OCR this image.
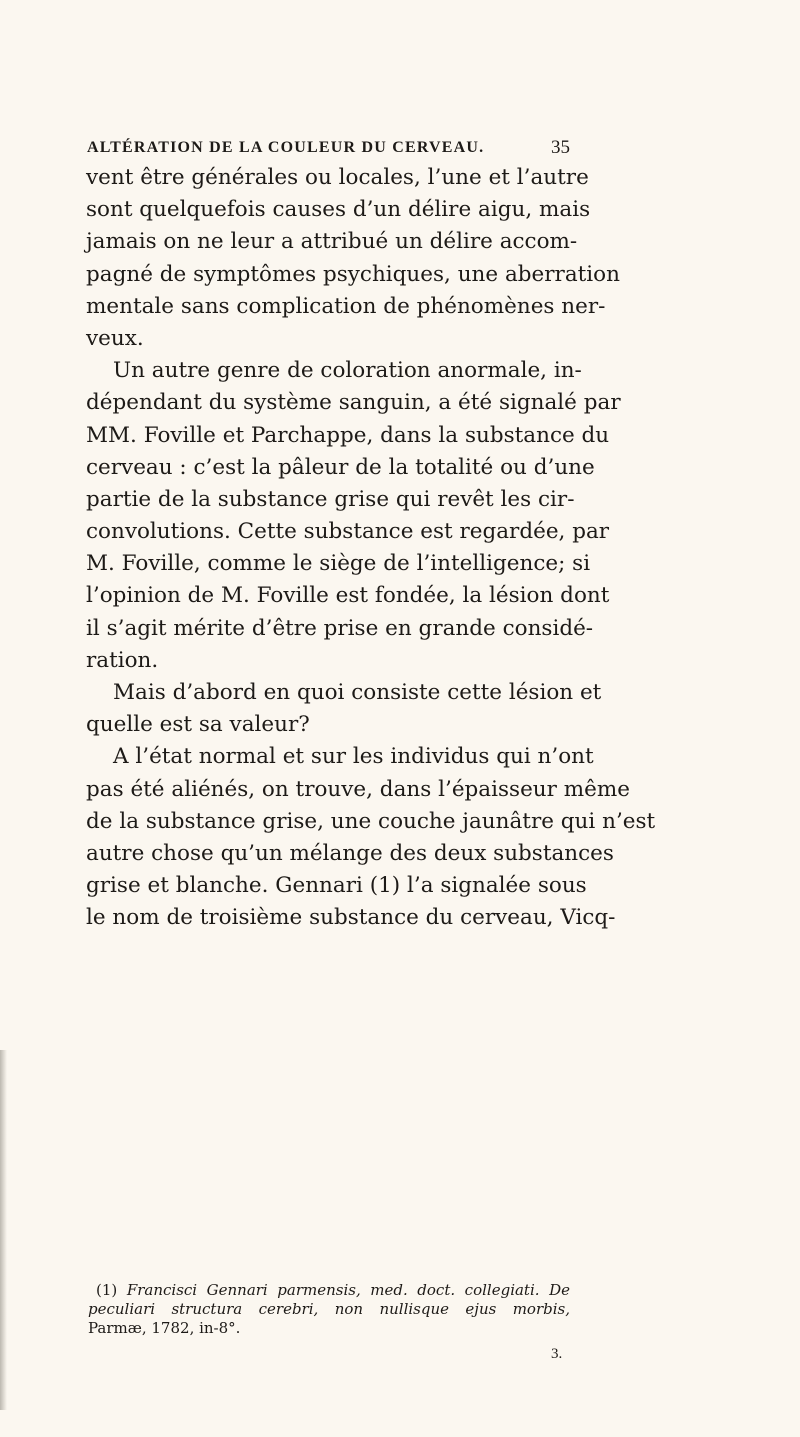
ALTÉRATION DE LA COULEUR DU CERVEAU.	35
vent être générales ou locales, l’une et l’autre
sont quelquefois causes d’un délire aigu, mais
jamais on ne leur a attribué un délire accom-
pagné de symptômes psychiques, une aberration
mentale sans complication de phénomènes ner-
veux.
Un autre genre de coloration anormale, in-
dépendant du système sanguin, a été signalé par
MM. Foville et Parchappe, dans la substance du
cerveau : c’est la pâleur de la totalité ou d’une
partie de la substance grise qui revêt les cir-
convolutions. Cette substance est regardée, par
M. Foville, comme le siège de l’intelligence; si
l’opinion de M. Foville est fondée, la lésion dont
il s’agit mérite d’être prise en grande considé-
ration.
Mais d’abord en quoi consiste cette lésion et
quelle est sa valeur?
A l’état normal et sur les individus qui n’ont
pas été aliénés, on trouve, dans l’épaisseur même
de la substance grise, une couche jaunâtre qui n’est
autre chose qu’un mélange des deux substances
grise et blanche. Gennari (1) l’a signalée sous
le nom de troisième substance du cerveau, Vicq-
(1) Francisci Gennari parmensis, med. doct. collegiati. De
peculiari structura cerebri, non nullisque ejus morbis,
Parmæ, 1782, in-8°.
3.
